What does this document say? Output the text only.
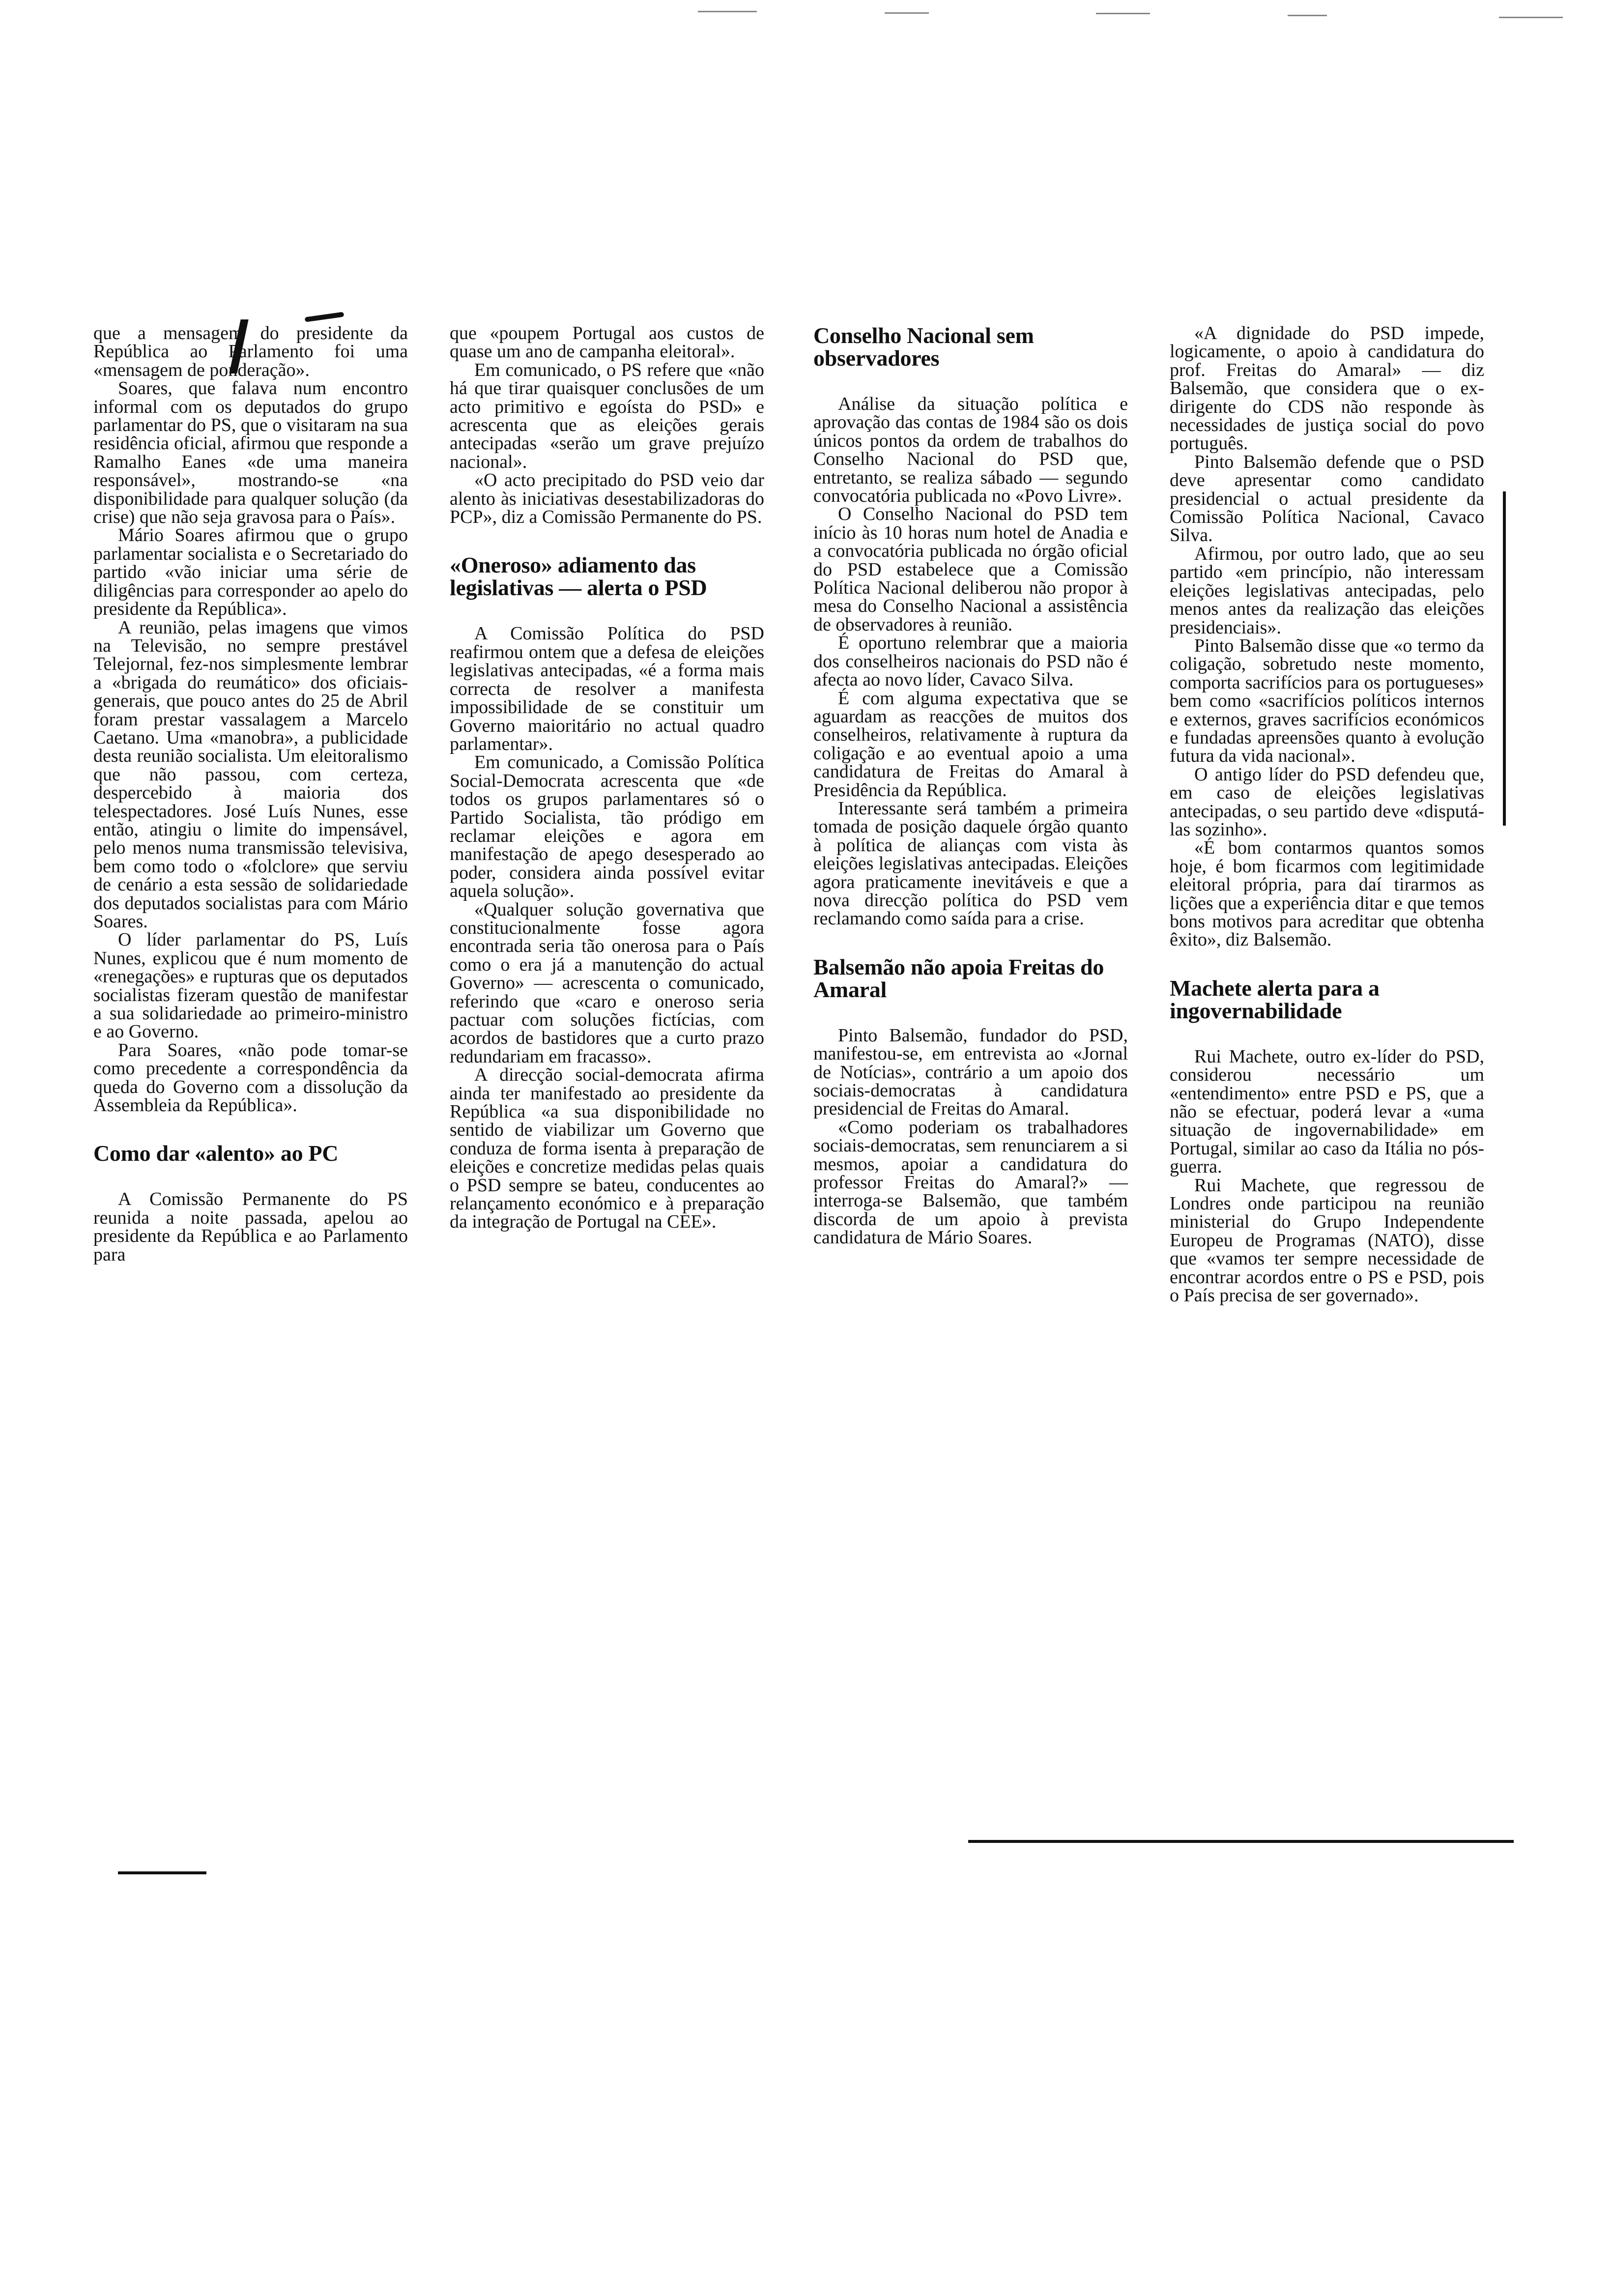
que a mensagem do presidente da República ao Parlamento foi uma «mensagem de ponderação».

Soares, que falava num encontro informal com os deputados do grupo parlamentar do PS, que o visitaram na sua residência oficial, afirmou que responde a Ramalho Eanes «de uma maneira responsável», mostrando-se «na disponibilidade para qualquer solução (da crise) que não seja gravosa para o País».

Mário Soares afirmou que o grupo parlamentar socialista e o Secretariado do partido «vão iniciar uma série de diligências para corresponder ao apelo do presidente da República».

A reunião, pelas imagens que vimos na Televisão, no sempre prestável Telejornal, fez-nos simplesmente lembrar a «brigada do reumático» dos oficiais-generais, que pouco antes do 25 de Abril foram prestar vassalagem a Marcelo Caetano. Uma «manobra», a publicidade desta reunião socialista. Um eleitoralismo que não passou, com certeza, despercebido à maioria dos telespectadores. José Luís Nunes, esse então, atingiu o limite do impensável, pelo menos numa transmissão televisiva, bem como todo o «folclore» que serviu de cenário a esta sessão de solidariedade dos deputados socialistas para com Mário Soares.

O líder parlamentar do PS, Luís Nunes, explicou que é num momento de «renegações» e rupturas que os deputados socialistas fizeram questão de manifestar a sua solidariedade ao primeiro-ministro e ao Governo.

Para Soares, «não pode tomar-se como precedente a correspondência da queda do Governo com a dissolução da Assembleia da República».

Como dar «alento» ao PC

A Comissão Permanente do PS reunida a noite passada, apelou ao presidente da República e ao Parlamento para

que «poupem Portugal aos custos de quase um ano de campanha eleitoral».

Em comunicado, o PS refere que «não há que tirar quaisquer conclusões de um acto primitivo e egoísta do PSD» e acrescenta que as eleições gerais antecipadas «serão um grave prejuízo nacional».

«O acto precipitado do PSD veio dar alento às iniciativas desestabilizadoras do PCP», diz a Comissão Permanente do PS.

«Oneroso» adiamento das legislativas — alerta o PSD

A Comissão Política do PSD reafirmou ontem que a defesa de eleições legislativas antecipadas, «é a forma mais correcta de resolver a manifesta impossibilidade de se constituir um Governo maioritário no actual quadro parlamentar».

Em comunicado, a Comissão Política Social-Democrata acrescenta que «de todos os grupos parlamentares só o Partido Socialista, tão pródigo em reclamar eleições e agora em manifestação de apego desesperado ao poder, considera ainda possível evitar aquela solução».

«Qualquer solução governativa que constitucionalmente fosse agora encontrada seria tão onerosa para o País como o era já a manutenção do actual Governo» — acrescenta o comunicado, referindo que «caro e oneroso seria pactuar com soluções fictícias, com acordos de bastidores que a curto prazo redundariam em fracasso».

A direcção social-democrata afirma ainda ter manifestado ao presidente da República «a sua disponibilidade no sentido de viabilizar um Governo que conduza de forma isenta à preparação de eleições e concretize medidas pelas quais o PSD sempre se bateu, conducentes ao relançamento económico e à preparação da integração de Portugal na CEE».

Conselho Nacional sem observadores

Análise da situação política e aprovação das contas de 1984 são os dois únicos pontos da ordem de trabalhos do Conselho Nacional do PSD que, entretanto, se realiza sábado — segundo convocatória publicada no «Povo Livre».

O Conselho Nacional do PSD tem início às 10 horas num hotel de Anadia e a convocatória publicada no órgão oficial do PSD estabelece que a Comissão Política Nacional deliberou não propor à mesa do Conselho Nacional a assistência de observadores à reunião.

É oportuno relembrar que a maioria dos conselheiros nacionais do PSD não é afecta ao novo líder, Cavaco Silva.

É com alguma expectativa que se aguardam as reacções de muitos dos conselheiros, relativamente à ruptura da coligação e ao eventual apoio a uma candidatura de Freitas do Amaral à Presidência da República.

Interessante será também a primeira tomada de posição daquele órgão quanto à política de alianças com vista às eleições legislativas antecipadas. Eleições agora praticamente inevitáveis e que a nova direcção política do PSD vem reclamando como saída para a crise.

Balsemão não apoia Freitas do Amaral

Pinto Balsemão, fundador do PSD, manifestou-se, em entrevista ao «Jornal de Notícias», contrário a um apoio dos sociais-democratas à candidatura presidencial de Freitas do Amaral.

«Como poderiam os trabalhadores sociais-democratas, sem renunciarem a si mesmos, apoiar a candidatura do professor Freitas do Amaral?» — interroga-se Balsemão, que também discorda de um apoio à prevista candidatura de Mário Soares.

«A dignidade do PSD impede, logicamente, o apoio à candidatura do prof. Freitas do Amaral» — diz Balsemão, que considera que o ex-dirigente do CDS não responde às necessidades de justiça social do povo português.

Pinto Balsemão defende que o PSD deve apresentar como candidato presidencial o actual presidente da Comissão Política Nacional, Cavaco Silva.

Afirmou, por outro lado, que ao seu partido «em princípio, não interessam eleições legislativas antecipadas, pelo menos antes da realização das eleições presidenciais».

Pinto Balsemão disse que «o termo da coligação, sobretudo neste momento, comporta sacrifícios para os portugueses» bem como «sacrifícios políticos internos e externos, graves sacrifícios económicos e fundadas apreensões quanto à evolução futura da vida nacional».

O antigo líder do PSD defendeu que, em caso de eleições legislativas antecipadas, o seu partido deve «disputá-las sozinho».

«É bom contarmos quantos somos hoje, é bom ficarmos com legitimidade eleitoral própria, para daí tirarmos as lições que a experiência ditar e que temos bons motivos para acreditar que obtenha êxito», diz Balsemão.

Machete alerta para a ingovernabilidade

Rui Machete, outro ex-líder do PSD, considerou necessário um «entendimento» entre PSD e PS, que a não se efectuar, poderá levar a «uma situação de ingovernabilidade» em Portugal, similar ao caso da Itália no pós-guerra.

Rui Machete, que regressou de Londres onde participou na reunião ministerial do Grupo Independente Europeu de Programas (NATO), disse que «vamos ter sempre necessidade de encontrar acordos entre o PS e PSD, pois o País precisa de ser governado».
